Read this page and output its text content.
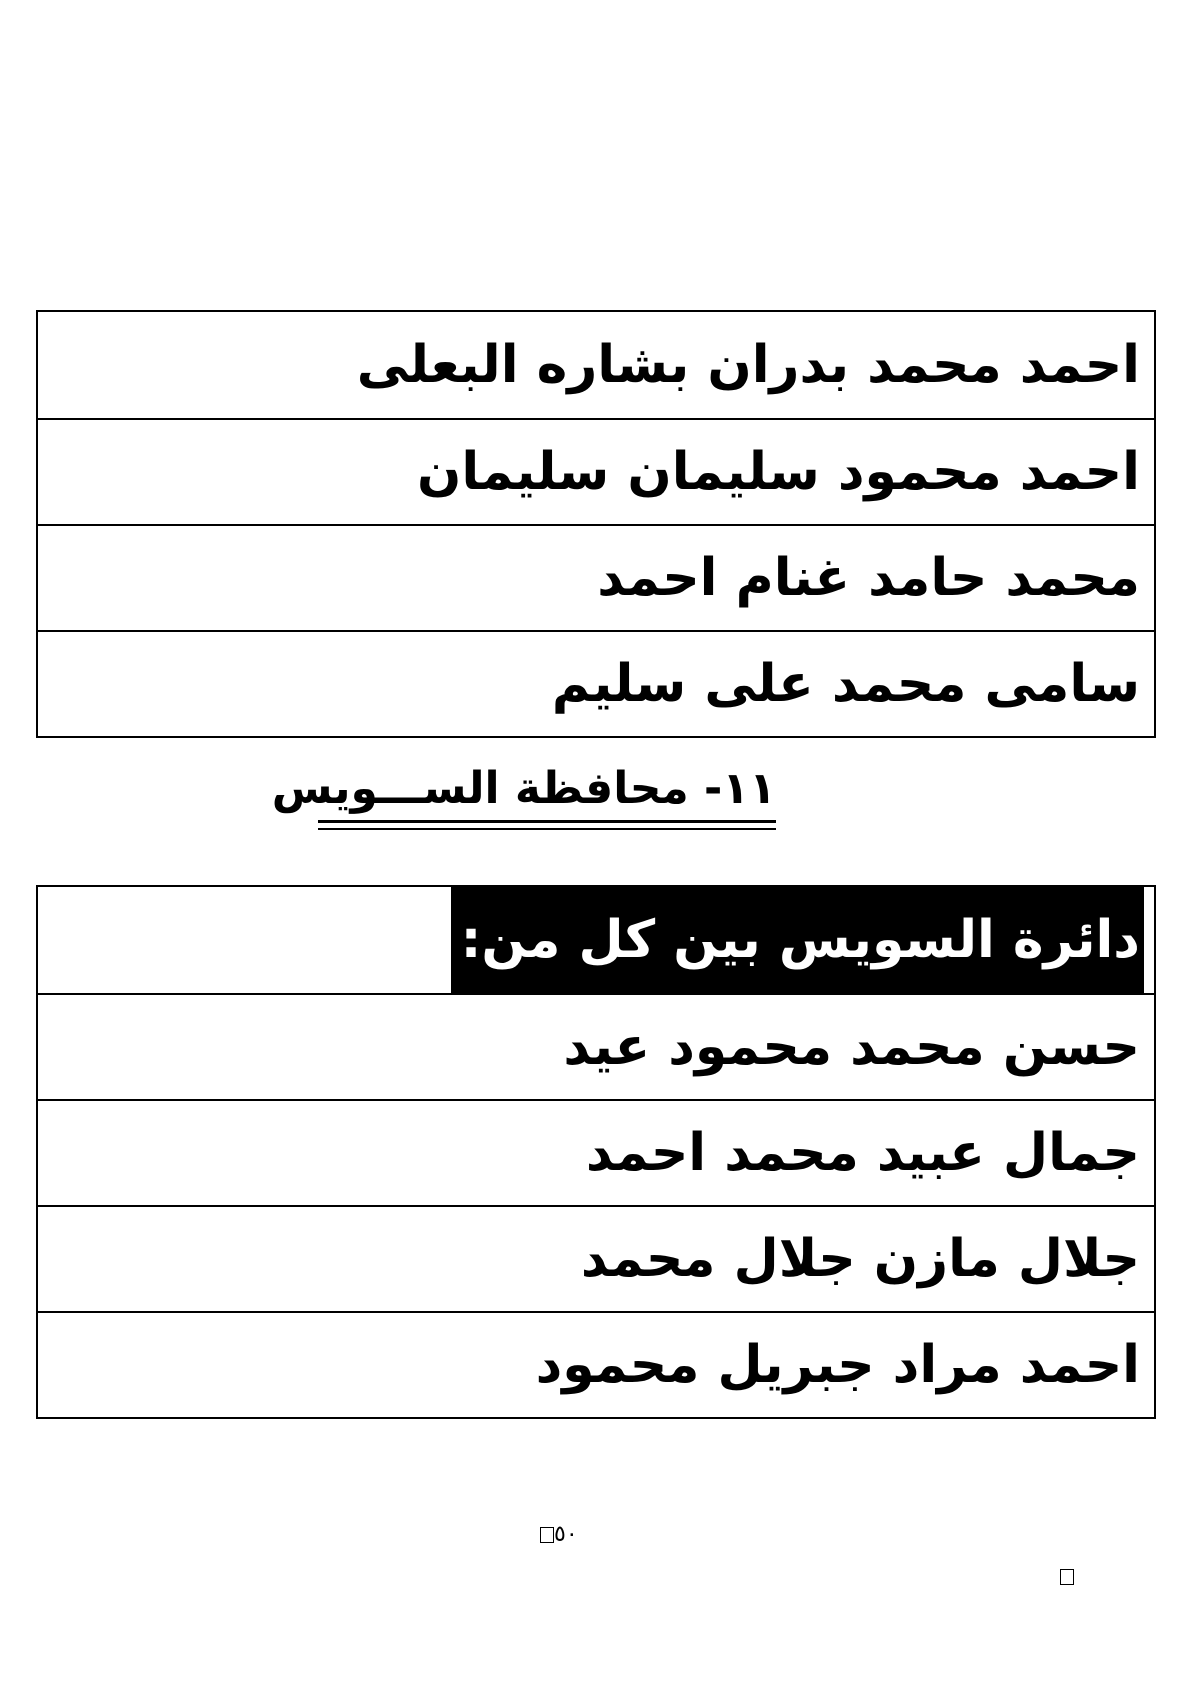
احمد محمد بدران بشاره البعلى
احمد محمود سليمان سليمان
محمد حامد غنام احمد
سامى محمد على سليم
١١- محافظة الســـويس
دائرة السويس بين كل من:
حسن محمد محمود عيد
جمال عبيد محمد احمد
جلال مازن جلال محمد
احمد مراد جبريل محمود
٥٠
